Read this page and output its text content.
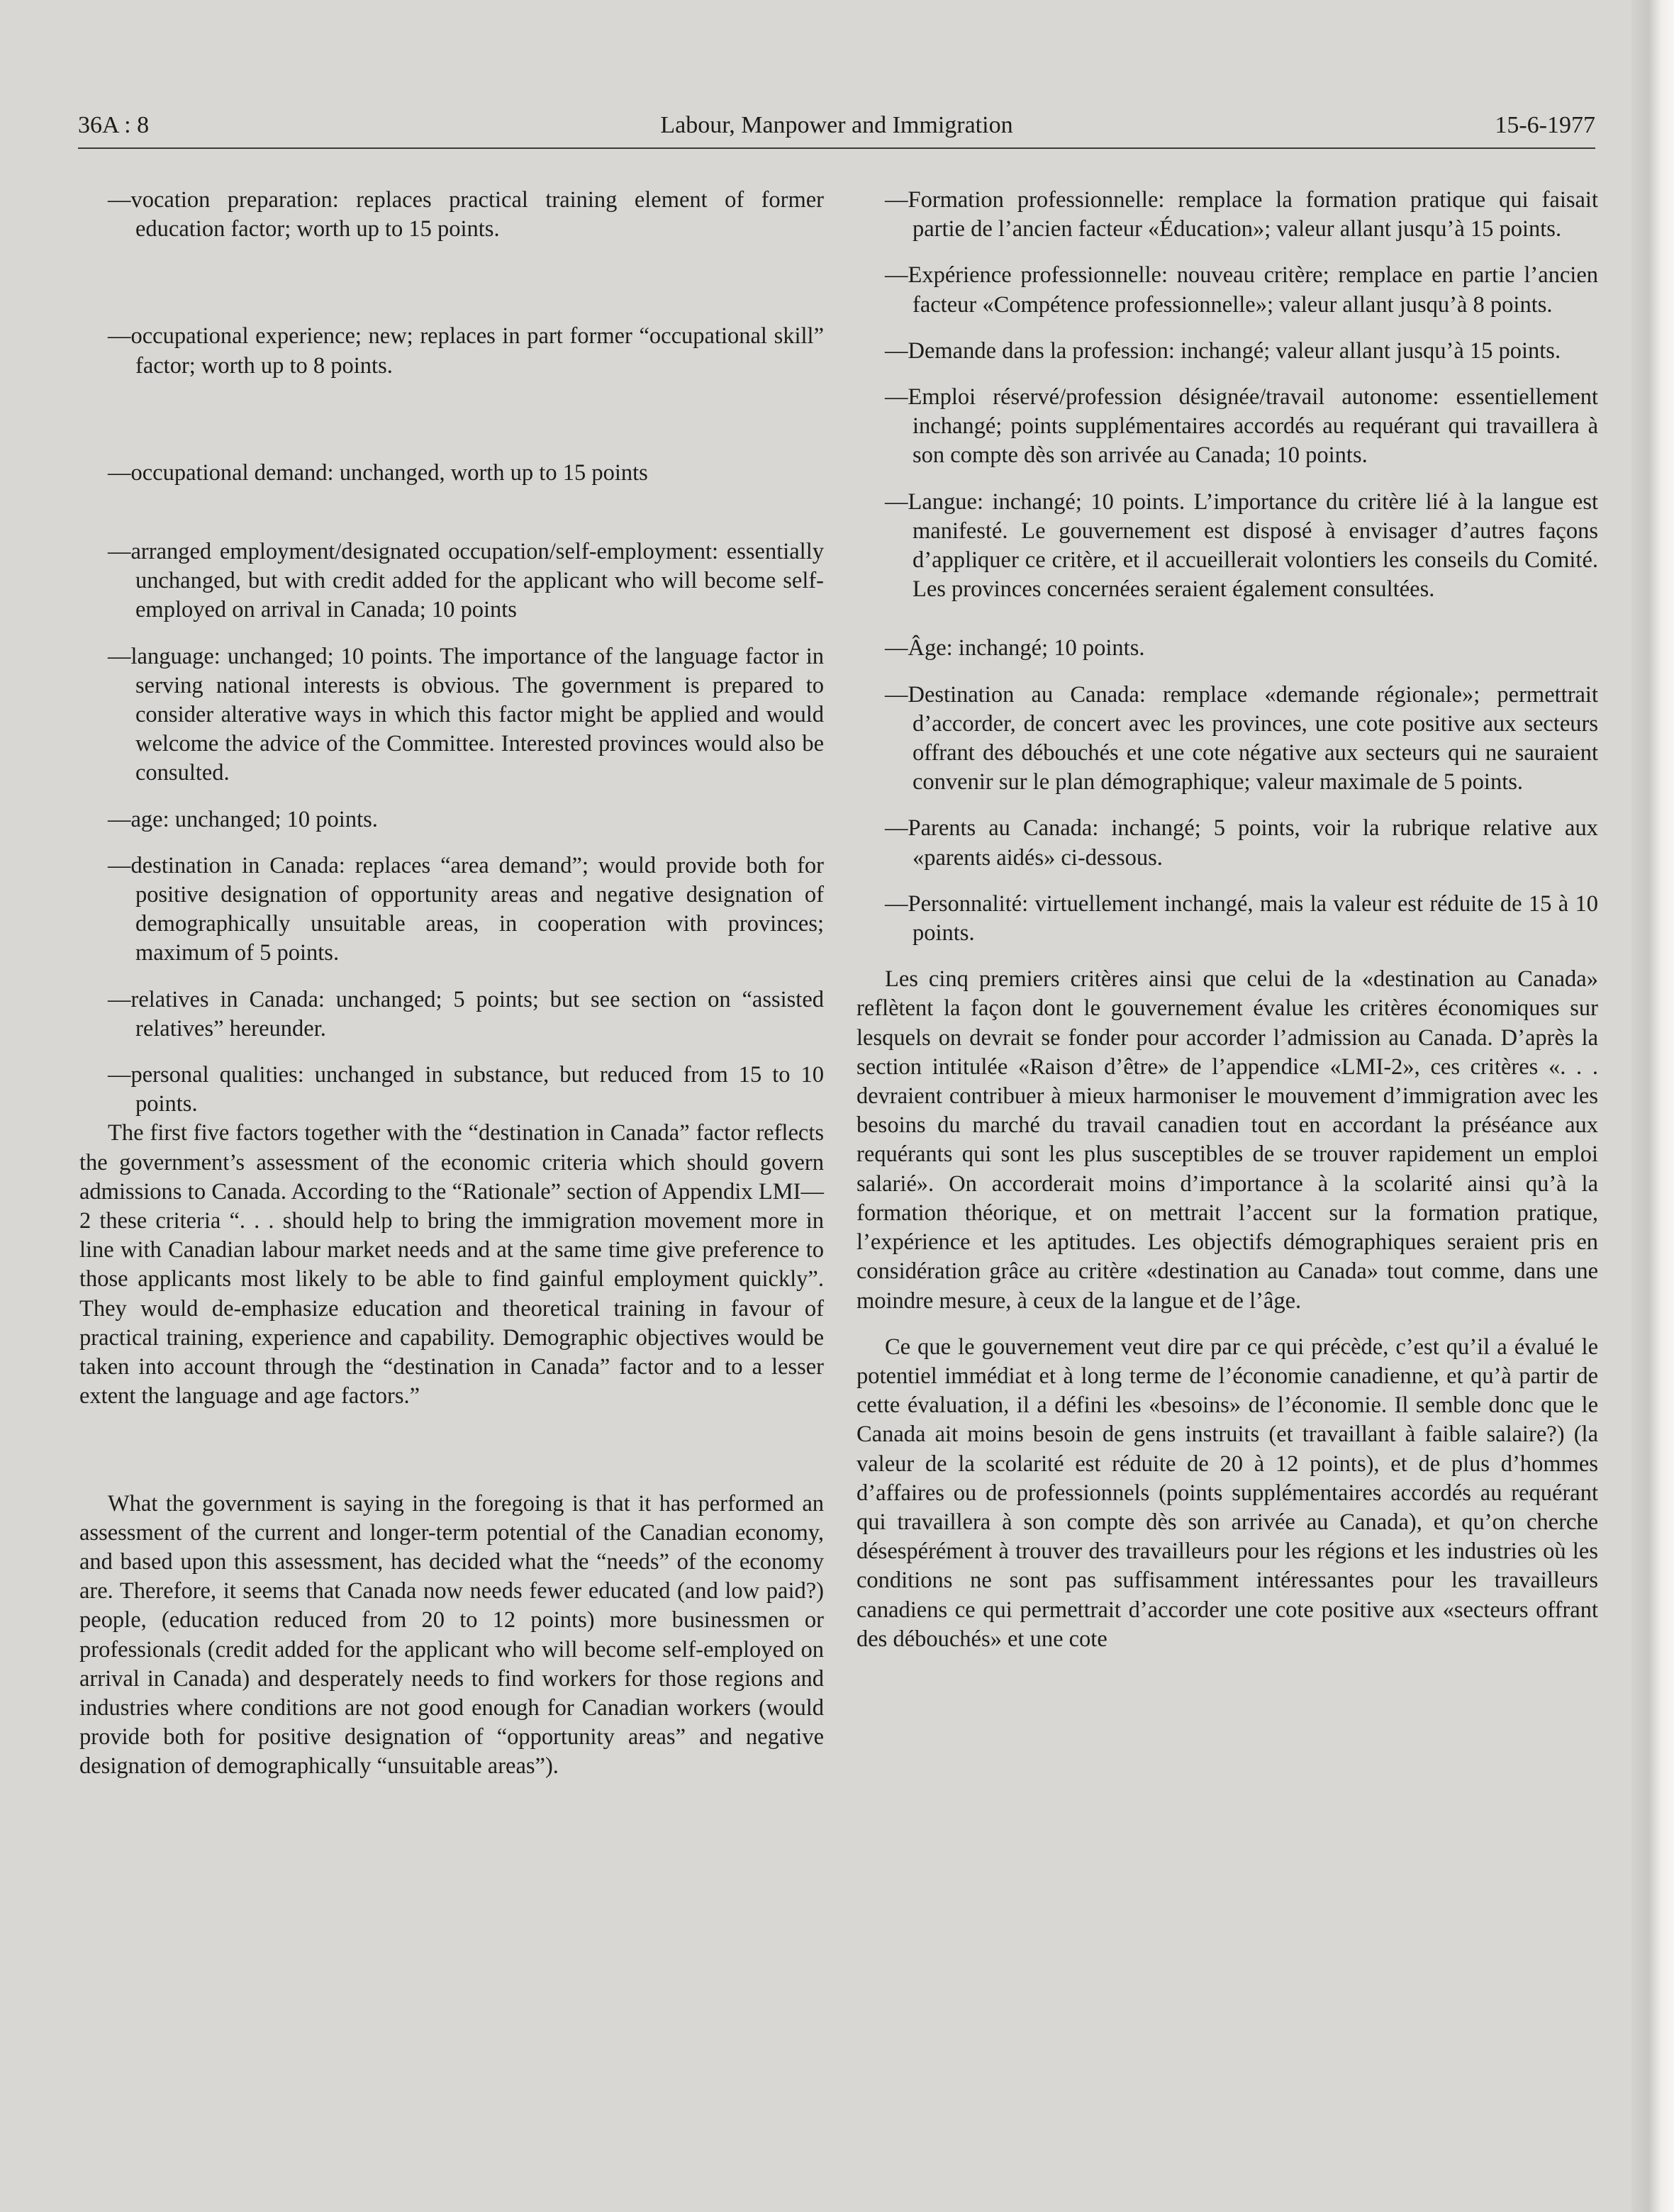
36A : 8	Labour, Manpower and Immigration	15-6-1977

—vocation preparation: replaces practical training element of former education factor; worth up to 15 points.

—occupational experience; new; replaces in part former “occupational skill” factor; worth up to 8 points.

—occupational demand: unchanged, worth up to 15 points

—arranged employment/designated occupation/self-employment: essentially unchanged, but with credit added for the applicant who will become self-employed on arrival in Canada; 10 points

—language: unchanged; 10 points. The importance of the language factor in serving national interests is obvious. The government is prepared to consider alterative ways in which this factor might be applied and would welcome the advice of the Committee. Interested provinces would also be consulted.

—age: unchanged; 10 points.

—destination in Canada: replaces “area demand”; would provide both for positive designation of opportunity areas and negative designation of demographically unsuitable areas, in cooperation with provinces; maximum of 5 points.

—relatives in Canada: unchanged; 5 points; but see section on “assisted relatives” hereunder.

—personal qualities: unchanged in substance, but reduced from 15 to 10 points.

The first five factors together with the “destination in Canada” factor reflects the government’s assessment of the economic criteria which should govern admissions to Canada. According to the “Rationale” section of Appendix LMI—2 these criteria “. . . should help to bring the immigration movement more in line with Canadian labour market needs and at the same time give preference to those applicants most likely to be able to find gainful employment quickly”. They would de-emphasize education and theoretical training in favour of practical training, experience and capability. Demographic objectives would be taken into account through the “destination in Canada” factor and to a lesser extent the language and age factors.”

What the government is saying in the foregoing is that it has performed an assessment of the current and longer-term potential of the Canadian economy, and based upon this assessment, has decided what the “needs” of the economy are. Therefore, it seems that Canada now needs fewer educated (and low paid?) people, (education reduced from 20 to 12 points) more businessmen or professionals (credit added for the applicant who will become self-employed on arrival in Canada) and desperately needs to find workers for those regions and industries where conditions are not good enough for Canadian workers (would provide both for positive designation of “opportunity areas” and negative designation of demographically “unsuitable areas”).

—Formation professionnelle: remplace la formation pratique qui faisait partie de l’ancien facteur «Éducation»; valeur allant jusqu’à 15 points.

—Expérience professionnelle: nouveau critère; remplace en partie l’ancien facteur «Compétence professionnelle»; valeur allant jusqu’à 8 points.

—Demande dans la profession: inchangé; valeur allant jusqu’à 15 points.

—Emploi réservé/profession désignée/travail autonome: essentiellement inchangé; points supplémentaires accordés au requérant qui travaillera à son compte dès son arrivée au Canada; 10 points.

—Langue: inchangé; 10 points. L’importance du critère lié à la langue est manifesté. Le gouvernement est disposé à envisager d’autres façons d’appliquer ce critère, et il accueillerait volontiers les conseils du Comité. Les provinces concernées seraient également consultées.

—Âge: inchangé; 10 points.

—Destination au Canada: remplace «demande régionale»; permettrait d’accorder, de concert avec les provinces, une cote positive aux secteurs offrant des débouchés et une cote négative aux secteurs qui ne sauraient convenir sur le plan démographique; valeur maximale de 5 points.

—Parents au Canada: inchangé; 5 points, voir la rubrique relative aux «parents aidés» ci-dessous.

—Personnalité: virtuellement inchangé, mais la valeur est réduite de 15 à 10 points.

Les cinq premiers critères ainsi que celui de la «destination au Canada» reflètent la façon dont le gouvernement évalue les critères économiques sur lesquels on devrait se fonder pour accorder l’admission au Canada. D’après la section intitulée «Raison d’être» de l’appendice «LMI-2», ces critères «. . . devraient contribuer à mieux harmoniser le mouvement d’immigration avec les besoins du marché du travail canadien tout en accordant la préséance aux requérants qui sont les plus susceptibles de se trouver rapidement un emploi salarié». On accorderait moins d’importance à la scolarité ainsi qu’à la formation théorique, et on mettrait l’accent sur la formation pratique, l’expérience et les aptitudes. Les objectifs démographiques seraient pris en considération grâce au critère «destination au Canada» tout comme, dans une moindre mesure, à ceux de la langue et de l’âge.

Ce que le gouvernement veut dire par ce qui précède, c’est qu’il a évalué le potentiel immédiat et à long terme de l’économie canadienne, et qu’à partir de cette évaluation, il a défini les «besoins» de l’économie. Il semble donc que le Canada ait moins besoin de gens instruits (et travaillant à faible salaire?) (la valeur de la scolarité est réduite de 20 à 12 points), et de plus d’hommes d’affaires ou de professionnels (points supplémentaires accordés au requérant qui travaillera à son compte dès son arrivée au Canada), et qu’on cherche désespérément à trouver des travailleurs pour les régions et les industries où les conditions ne sont pas suffisamment intéressantes pour les travailleurs canadiens ce qui permettrait d’accorder une cote positive aux «secteurs offrant des débouchés» et une cote
